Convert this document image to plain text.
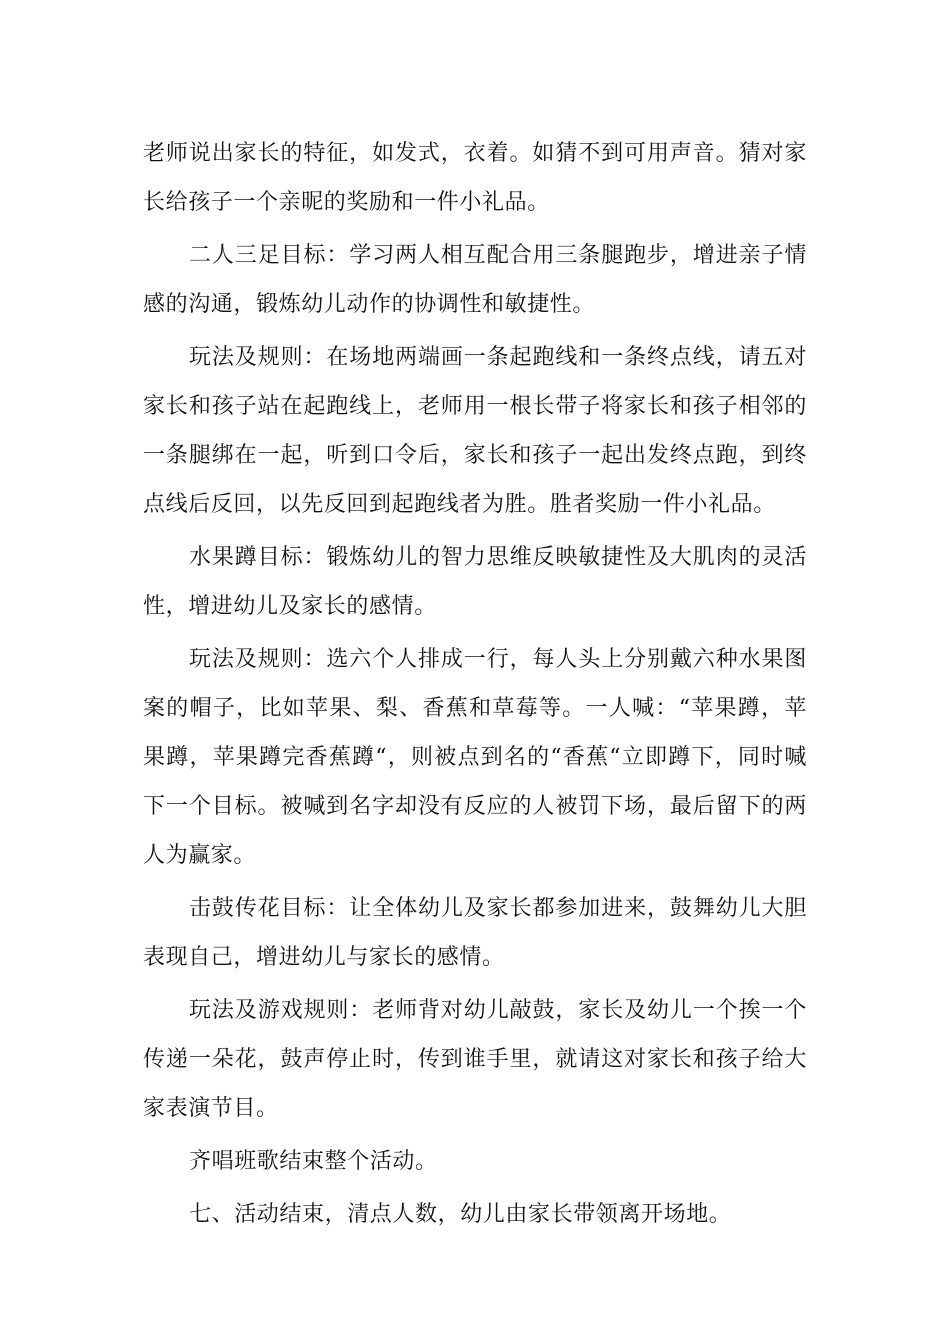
老师说出家长的特征，如发式，衣着。如猜不到可用声音。猜对家长给孩子一个亲昵的奖励和一件小礼品。

二人三足目标：学习两人相互配合用三条腿跑步，增进亲子情感的沟通，锻炼幼儿动作的协调性和敏捷性。

玩法及规则：在场地两端画一条起跑线和一条终点线，请五对家长和孩子站在起跑线上，老师用一根长带子将家长和孩子相邻的一条腿绑在一起，听到口令后，家长和孩子一起出发终点跑，到终点线后反回，以先反回到起跑线者为胜。胜者奖励一件小礼品。

水果蹲目标：锻炼幼儿的智力思维反映敏捷性及大肌肉的灵活性，增进幼儿及家长的感情。

玩法及规则：选六个人排成一行，每人头上分别戴六种水果图案的帽子，比如苹果、梨、香蕉和草莓等。一人喊：“苹果蹲，苹果蹲，苹果蹲完香蕉蹲“，则被点到名的“香蕉“立即蹲下，同时喊下一个目标。被喊到名字却没有反应的人被罚下场，最后留下的两人为赢家。

击鼓传花目标：让全体幼儿及家长都参加进来，鼓舞幼儿大胆表现自己，增进幼儿与家长的感情。

玩法及游戏规则：老师背对幼儿敲鼓，家长及幼儿一个挨一个传递一朵花，鼓声停止时，传到谁手里，就请这对家长和孩子给大家表演节目。

齐唱班歌结束整个活动。

七、活动结束，清点人数，幼儿由家长带领离开场地。
